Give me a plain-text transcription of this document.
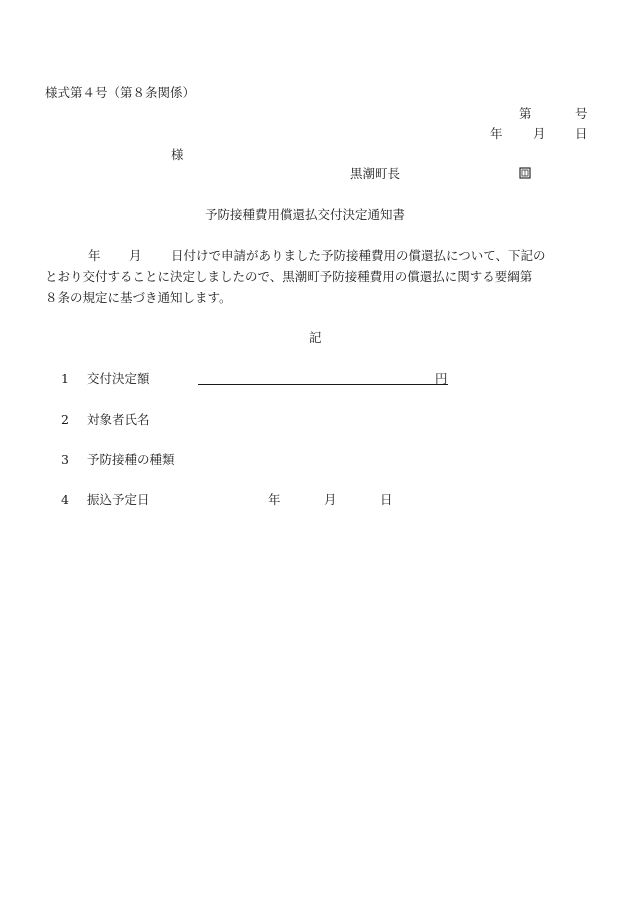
様式第４号（第８条関係）
第	号
年 月 日
様
黒潮町長
予防接種費用償還払交付決定通知書
年 月 日付けで申請がありました予防接種費用の償還払について、下記の
とおり交付することに決定しましたので、黒潮町予防接種費用の償還払に関する要綱第
８条の規定に基づき通知します。
記
1 交付決定額	円
2 対象者氏名
3 予防接種の種類
4 振込予定日	年	月	日
